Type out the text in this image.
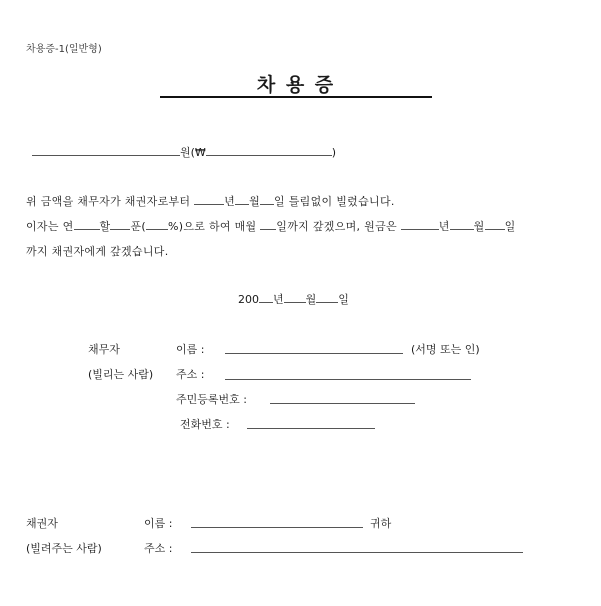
차용증-1(일반형)
차 용 증
원(₩	)
위 금액을 채무자가 채권자로부터	년 월 일 틀림없이 빌렸습니다.
이자는 연 할 푼( %)으로 하여 매월 일까지 갚겠으며, 원금은	년 월 일
까지 채권자에게 갚겠습니다.
200 년 월 일
채무자	이름 :	(서명 또는 인)
(빌리는 사람) 주소 :
주민등록번호 :
전화번호 :
채권자	이름 :	귀하
(빌려주는 사람)	주소 :
